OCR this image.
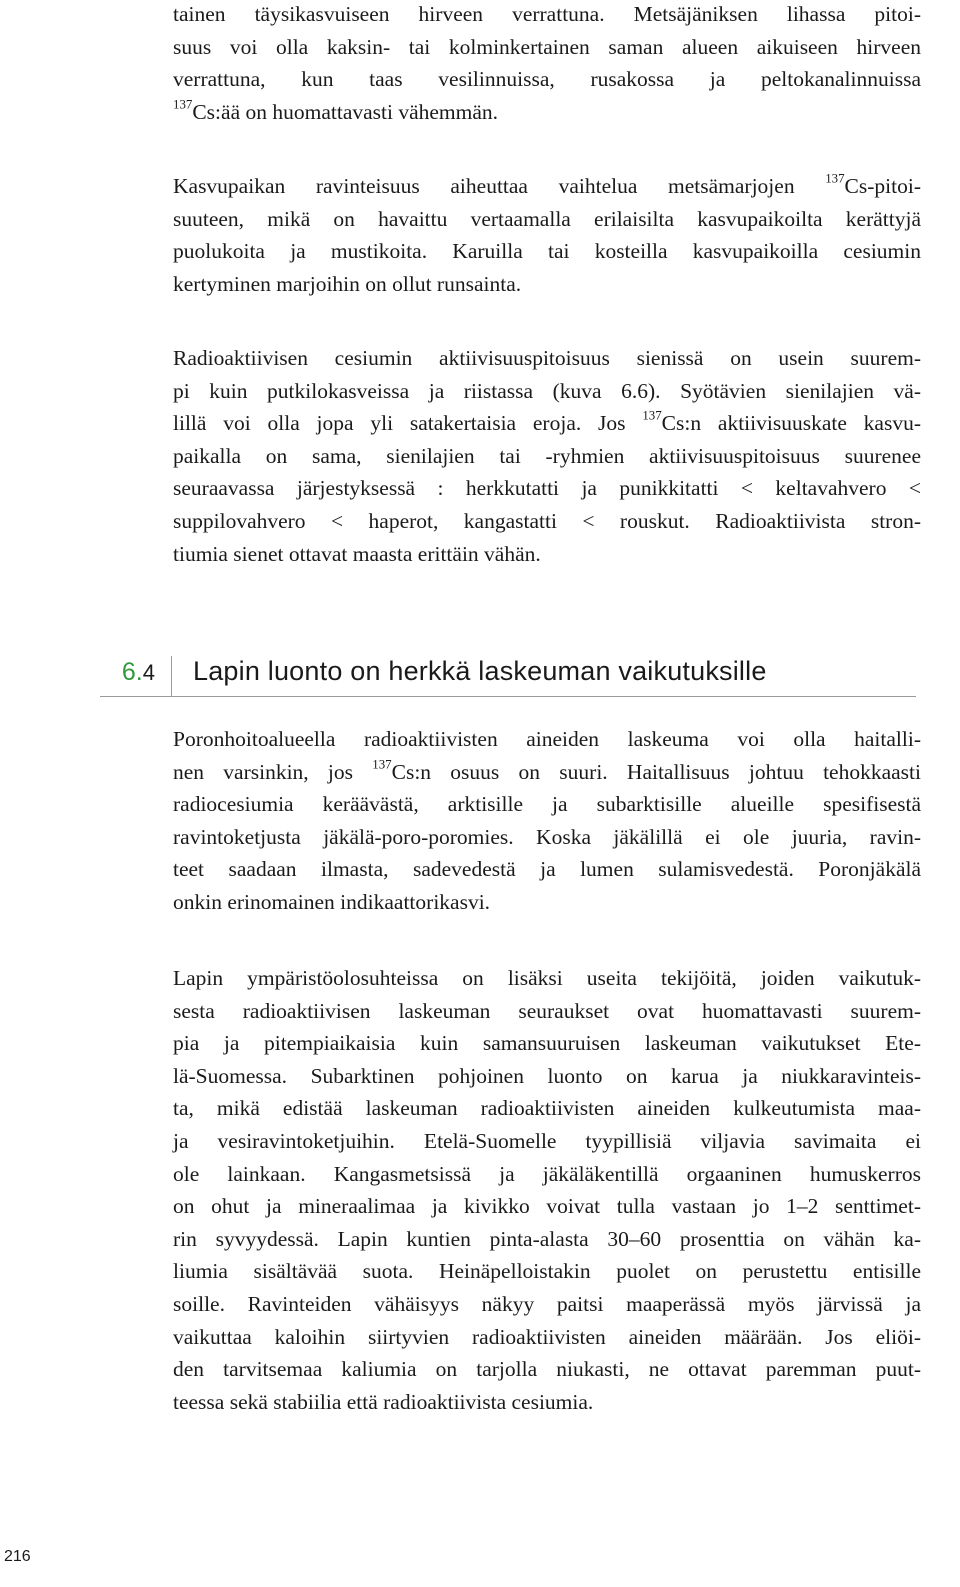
tainen täysikasvuiseen hirveen verrattuna. Metsäjäniksen lihassa pitoi-
suus voi olla kaksin- tai kolminkertainen saman alueen aikuiseen hirveen
verrattuna, kun taas vesilinnuissa, rusakossa ja peltokanalinnuissa
$^{137}$Cs:ää on huomattavasti vähemmän.
Kasvupaikan ravinteisuus aiheuttaa vaihtelua metsämarjojen $^{137}$Cs-pitoi-
suuteen, mikä on havaittu vertaamalla erilaisilta kasvupaikoilta kerättyjä
puolukoita ja mustikoita. Karuilla tai kosteilla kasvupaikoilla cesiumin
kertyminen marjoihin on ollut runsainta.
Radioaktiivisen cesiumin aktiivisuuspitoisuus sienissä on usein suurem-
pi kuin putkilokasveissa ja riistassa (kuva 6.6). Syötävien sienilajien vä-
lillä voi olla jopa yli satakertaisia eroja. Jos $^{137}$Cs:n aktiivisuuskate kasvu-
paikalla on sama, sienilajien tai -ryhmien aktiivisuuspitoisuus suurenee
seuraavassa järjestyksessä : herkkutatti ja punikkitatti < keltavahvero <
suppilovahvero < haperot, kangastatti < rouskut. Radioaktiivista stron-
tiumia sienet ottavat maasta erittäin vähän.
6.4 Lapin luonto on herkkä laskeuman vaikutuksille
Poronhoitoalueella radioaktiivisten aineiden laskeuma voi olla haitalli-
nen varsinkin, jos $^{137}$Cs:n osuus on suuri. Haitallisuus johtuu tehokkaasti
radiocesiumia keräävästä, arktisille ja subarktisille alueille spesifisestä
ravintoketjusta jäkälä-poro-poromies. Koska jäkälillä ei ole juuria, ravin-
teet saadaan ilmasta, sadevedestä ja lumen sulamisvedestä. Poronjäkälä
onkin erinomainen indikaattorikasvi.
Lapin ympäristöolosuhteissa on lisäksi useita tekijöitä, joiden vaikutuk-
sesta radioaktiivisen laskeuman seuraukset ovat huomattavasti suurem-
pia ja pitempiaikaisia kuin samansuuruisen laskeuman vaikutukset Ete-
lä-Suomessa. Subarktinen pohjoinen luonto on karua ja niukkaravinteis-
ta, mikä edistää laskeuman radioaktiivisten aineiden kulkeutumista maa-
ja vesiravintoketjuihin. Etelä-Suomelle tyypillisiä viljavia savimaita ei
ole lainkaan. Kangasmetsissä ja jäkäläkentillä orgaaninen humuskerros
on ohut ja mineraalimaa ja kivikko voivat tulla vastaan jo 1–2 senttimet-
rin syvyydessä. Lapin kuntien pinta-alasta 30–60 prosenttia on vähän ka-
liumia sisältävää suota. Heinäpelloistakin puolet on perustettu entisille
soille. Ravinteiden vähäisyys näkyy paitsi maaperässä myös järvissä ja
vaikuttaa kaloihin siirtyvien radioaktiivisten aineiden määrään. Jos eliöi-
den tarvitsemaa kaliumia on tarjolla niukasti, ne ottavat paremman puut-
teessa sekä stabiilia että radioaktiivista cesiumia.
216
